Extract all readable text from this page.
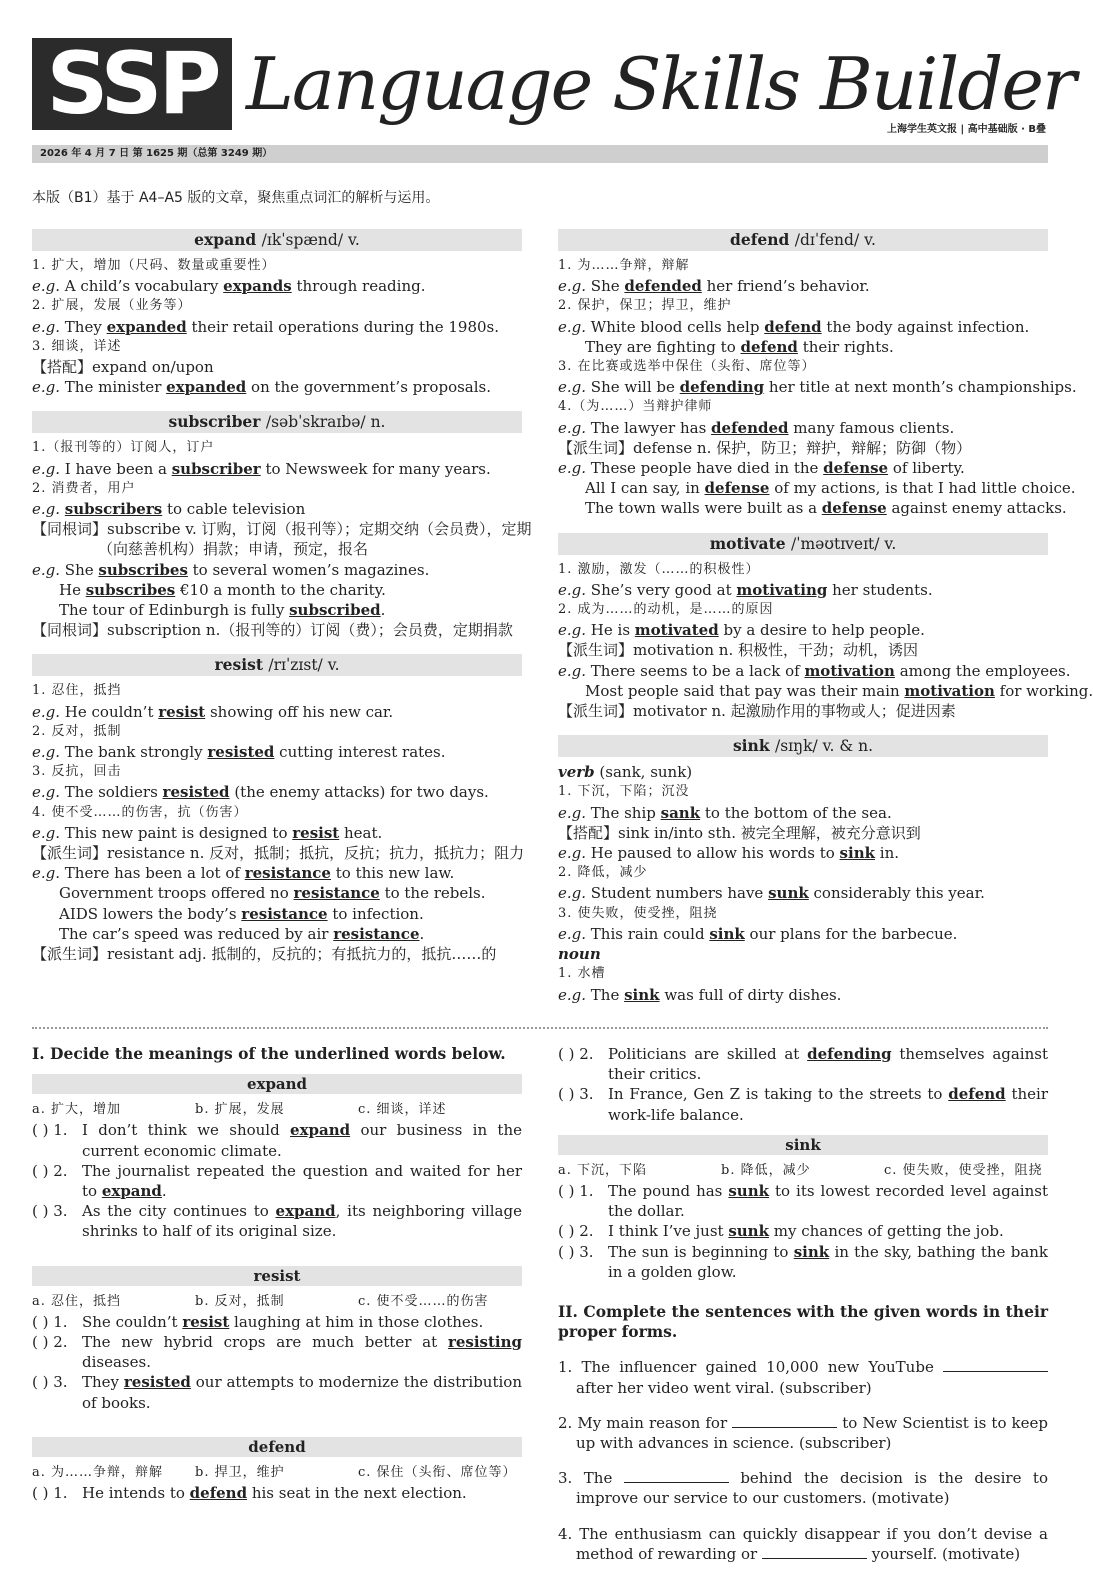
SSP Language Skills Builder
上海学生英文报 | 高中基础版 · B叠
2026 年 4 月 7 日 第 1625 期（总第 3249 期）
本版（B1）基于 A4–A5 版的文章，聚焦重点词汇的解析与运用。
expand /ɪkˈspænd/ v.

1. 扩大，增加（尺码、数量或重要性）

e.g. A child’s vocabulary expands through reading.

2. 扩展，发展（业务等）

e.g. They expanded their retail operations during the 1980s.

3. 细谈，详述

【搭配】expand on/upon

e.g. The minister expanded on the government’s proposals.

subscriber /səbˈskraɪbə/ n.

1.（报刊等的）订阅人，订户

e.g. I have been a subscriber to Newsweek for many years.

2. 消费者，用户

e.g. subscribers to cable television

【同根词】subscribe v. 订购，订阅（报刊等）；定期交纳（会员费），定期

（向慈善机构）捐款；申请，预定，报名

e.g. She subscribes to several women’s magazines.

He subscribes €10 a month to the charity.

The tour of Edinburgh is fully subscribed.

【同根词】subscription n.（报刊等的）订阅（费）；会员费，定期捐款

resist /rɪˈzɪst/ v.

1. 忍住，抵挡

e.g. He couldn’t resist showing off his new car.

2. 反对，抵制

e.g. The bank strongly resisted cutting interest rates.

3. 反抗，回击

e.g. The soldiers resisted (the enemy attacks) for two days.

4. 使不受……的伤害，抗（伤害）

e.g. This new paint is designed to resist heat.

【派生词】resistance n. 反对，抵制；抵抗，反抗；抗力，抵抗力；阻力

e.g. There has been a lot of resistance to this new law.

Government troops offered no resistance to the rebels.

AIDS lowers the body’s resistance to infection.

The car’s speed was reduced by air resistance.

【派生词】resistant adj. 抵制的，反抗的；有抵抗力的，抵抗……的

defend /dɪˈfend/ v.

1. 为……争辩，辩解

e.g. She defended her friend’s behavior.

2. 保护，保卫；捍卫，维护

e.g. White blood cells help defend the body against infection.

They are fighting to defend their rights.

3. 在比赛或选举中保住（头衔、席位等）

e.g. She will be defending her title at next month’s championships.

4.（为……）当辩护律师

e.g. The lawyer has defended many famous clients.

【派生词】defense n. 保护，防卫；辩护，辩解；防御（物）

e.g. These people have died in the defense of liberty.

All I can say, in defense of my actions, is that I had little choice.

The town walls were built as a defense against enemy attacks.

motivate /ˈməʊtɪveɪt/ v.

1. 激励，激发（……的积极性）

e.g. She’s very good at motivating her students.

2. 成为……的动机，是……的原因

e.g. He is motivated by a desire to help people.

【派生词】motivation n. 积极性，干劲；动机，诱因

e.g. There seems to be a lack of motivation among the employees.

Most people said that pay was their main motivation for working.

【派生词】motivator n. 起激励作用的事物或人；促进因素

sink /sɪŋk/ v. & n.

verb (sank, sunk)

1. 下沉，下陷；沉没

e.g. The ship sank to the bottom of the sea.

【搭配】sink in/into sth. 被完全理解，被充分意识到

e.g. He paused to allow his words to sink in.

2. 降低，减少

e.g. Student numbers have sunk considerably this year.

3. 使失败，使受挫，阻挠

e.g. This rain could sink our plans for the barbecue.

noun

1. 水槽

e.g. The sink was full of dirty dishes.

I. Decide the meanings of the underlined words below.

expand
a. 扩大，增加	b. 扩展，发展	c. 细谈，详述
( ) 1. I don’t think we should expand our business in the current economic climate.
( ) 2. The journalist repeated the question and waited for her to expand.
( ) 3. As the city continues to expand, its neighboring village shrinks to half of its original size.
resist
a. 忍住，抵挡	b. 反对，抵制	c. 使不受……的伤害
( ) 1. She couldn’t resist laughing at him in those clothes.
( ) 2. The new hybrid crops are much better at resisting diseases.
( ) 3. They resisted our attempts to modernize the distribution of books.
defend
a. 为……争辩，辩解	b. 捍卫，维护	c. 保住（头衔、席位等）
( ) 1. He intends to defend his seat in the next election.
( ) 2. Politicians are skilled at defending themselves against their critics.
( ) 3. In France, Gen Z is taking to the streets to defend their work-life balance.
sink
a. 下沉，下陷	b. 降低，减少	c. 使失败，使受挫，阻挠
( ) 1. The pound has sunk to its lowest recorded level against the dollar.
( ) 2. I think I’ve just sunk my chances of getting the job.
( ) 3. The sun is beginning to sink in the sky, bathing the bank in a golden glow.

II. Complete the sentences with the given words in their proper forms.

1. The influencer gained 10,000 new YouTube  after her video went viral. (subscriber)

2. My main reason for	to New Scientist is to keep up with advances in science. (subscriber)

3. The	behind the decision is the desire to improve our service to our customers. (motivate)

4. The enthusiasm can quickly disappear if you don’t devise a method of rewarding or	yourself. (motivate)
